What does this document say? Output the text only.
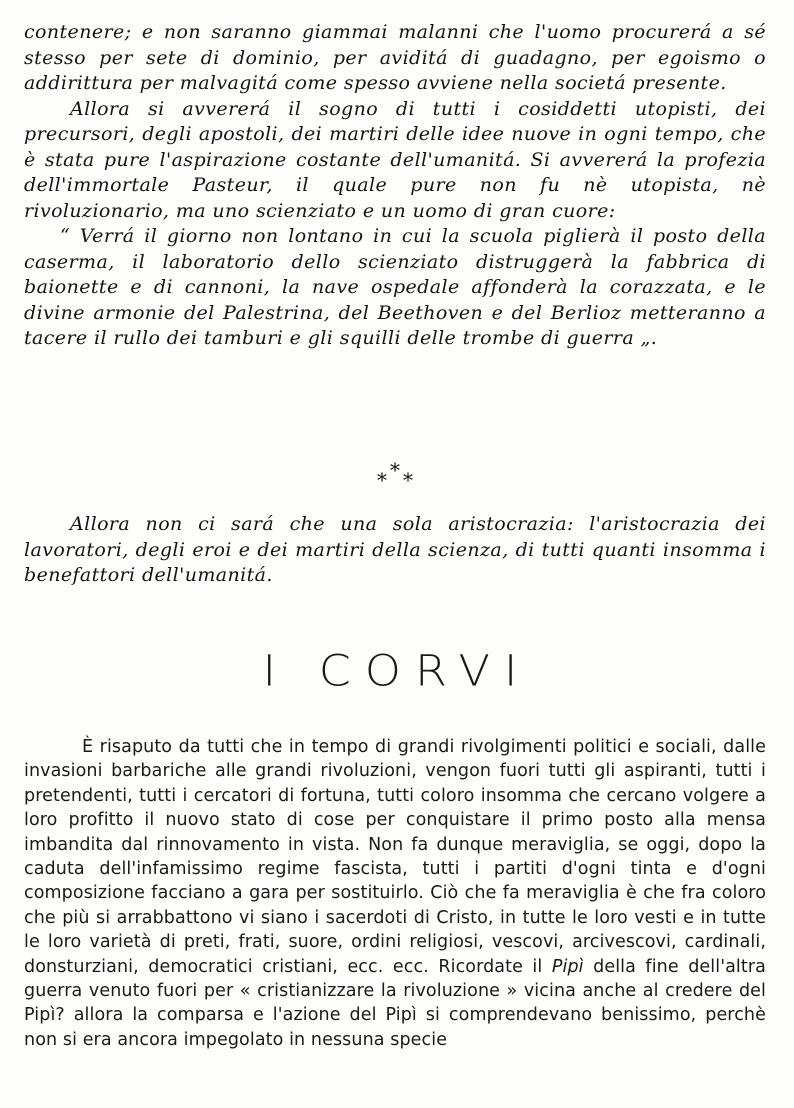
contenere; e non saranno giammai malanni che l'uomo procurerá a sé stesso per sete di dominio, per aviditá di guadagno, per egoismo o addirittura per malvagitá come spesso avviene nella societá presente.

Allora si avvererá il sogno di tutti i cosiddetti utopisti, dei precursori, degli apostoli, dei martiri delle idee nuove in ogni tempo, che è stata pure l'aspirazione costante dell'umanitá. Si avvererá la profezia dell'immortale Pasteur, il quale pure non fu nè utopista, nè rivoluzionario, ma uno scienziato e un uomo di gran cuore:

“ Verrá il giorno non lontano in cui la scuola piglierà il posto della caserma, il laboratorio dello scienziato distruggerà la fabbrica di baionette e di cannoni, la nave ospedale affonderà la corazzata, e le divine armonie del Palestrina, del Beethoven e del Berlioz metteranno a tacere il rullo dei tamburi e gli squilli delle trombe di guerra „.

*
* *

Allora non ci sará che una sola aristocrazia: l'aristocrazia dei lavoratori, degli eroi e dei martiri della scienza, di tutti quanti insomma i benefattori dell'umanitá.

I CORVI

È risaputo da tutti che in tempo di grandi rivolgimenti politici e sociali, dalle invasioni barbariche alle grandi rivoluzioni, vengon fuori tutti gli aspiranti, tutti i pretendenti, tutti i cercatori di fortuna, tutti coloro insomma che cercano volgere a loro profitto il nuovo stato di cose per conquistare il primo posto alla mensa imbandita dal rinnovamento in vista. Non fa dunque meraviglia, se oggi, dopo la caduta dell'infamissimo regime fascista, tutti i partiti d'ogni tinta e d'ogni composizione facciano a gara per sostituirlo. Ciò che fa meraviglia è che fra coloro che più si arrabbattono vi siano i sacerdoti di Cristo, in tutte le loro vesti e in tutte le loro varietà di preti, frati, suore, ordini religiosi, vescovi, arcivescovi, cardinali, donsturziani, democratici cristiani, ecc. ecc. Ricordate il Pipì della fine dell'altra guerra venuto fuori per « cristianizzare la rivoluzione » vicina anche al credere del Pipì? allora la comparsa e l'azione del Pipì si comprendevano benissimo, perchè non si era ancora impegolato in nessuna specie
